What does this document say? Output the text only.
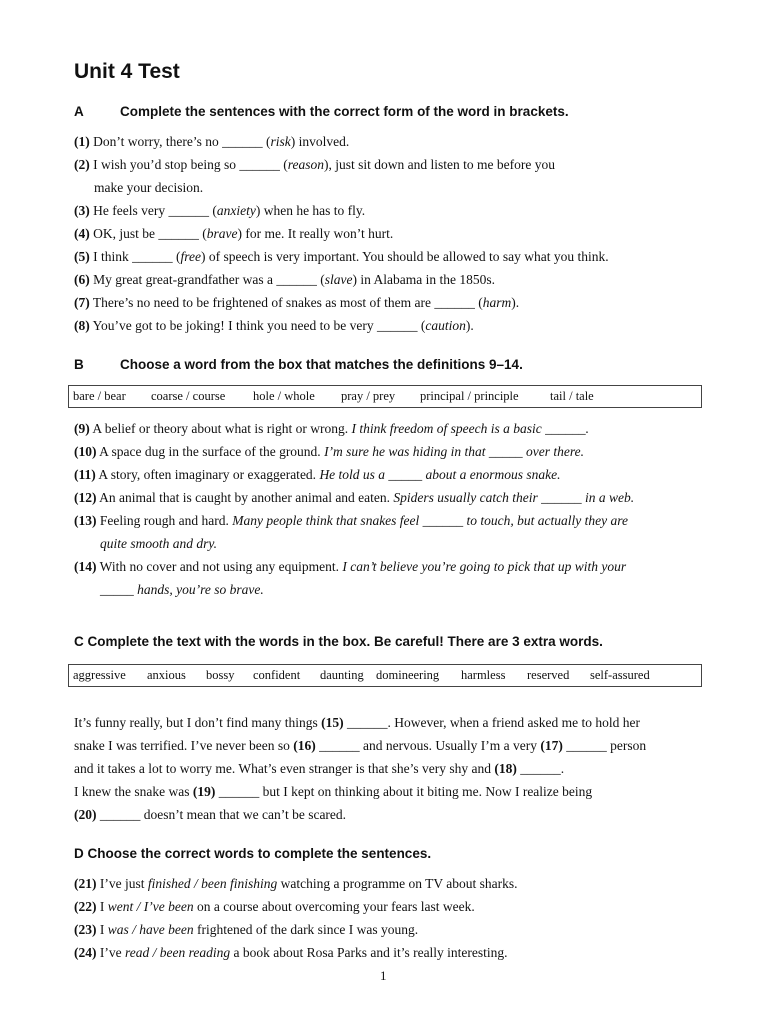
Unit 4 Test
A	Complete the sentences with the correct form of the word in brackets.
(1) Don’t worry, there’s no ______ (risk) involved.
(2) I wish you’d stop being so ______ (reason), just sit down and listen to me before you
make your decision.
(3) He feels very ______ (anxiety) when he has to fly.
(4) OK, just be ______ (brave) for me. It really won’t hurt.
(5) I think ______ (free) of speech is very important. You should be allowed to say what you think.
(6) My great great-grandfather was a ______ (slave) in Alabama in the 1850s.
(7) There’s no need to be frightened of snakes as most of them are ______ (harm).
(8) You’ve got to be joking! I think you need to be very ______ (caution).
B	Choose a word from the box that matches the definitions 9–14.
bare / bear coarse / course hole / whole pray / prey principal / principle	tail / tale
(9) A belief or theory about what is right or wrong. I think freedom of speech is a basic ______.
(10) A space dug in the surface of the ground. I’m sure he was hiding in that _____ over there.
(11) A story, often imaginary or exaggerated. He told us a _____ about a enormous snake.
(12) An animal that is caught by another animal and eaten. Spiders usually catch their ______ in a web.
(13) Feeling rough and hard. Many people think that snakes feel ______ to touch, but actually they are
quite smooth and dry.
(14) With no cover and not using any equipment. I can’t believe you’re going to pick that up with your
_____ hands, you’re so brave.
C Complete the text with the words in the box. Be careful! There are 3 extra words.
aggressive anxious bossy confident daunting domineering harmless reserved self-assured
It’s funny really, but I don’t find many things (15) ______. However, when a friend asked me to hold her
snake I was terrified. I’ve never been so (16) ______ and nervous. Usually I’m a very (17) ______ person
and it takes a lot to worry me. What’s even stranger is that she’s very shy and (18) ______.
I knew the snake was (19) ______ but I kept on thinking about it biting me. Now I realize being
(20) ______ doesn’t mean that we can’t be scared.
D Choose the correct words to complete the sentences.
(21) I’ve just finished / been finishing watching a programme on TV about sharks.
(22) I went / I’ve been on a course about overcoming your fears last week.
(23) I was / have been frightened of the dark since I was young.
(24) I’ve read / been reading a book about Rosa Parks and it’s really interesting.
1
